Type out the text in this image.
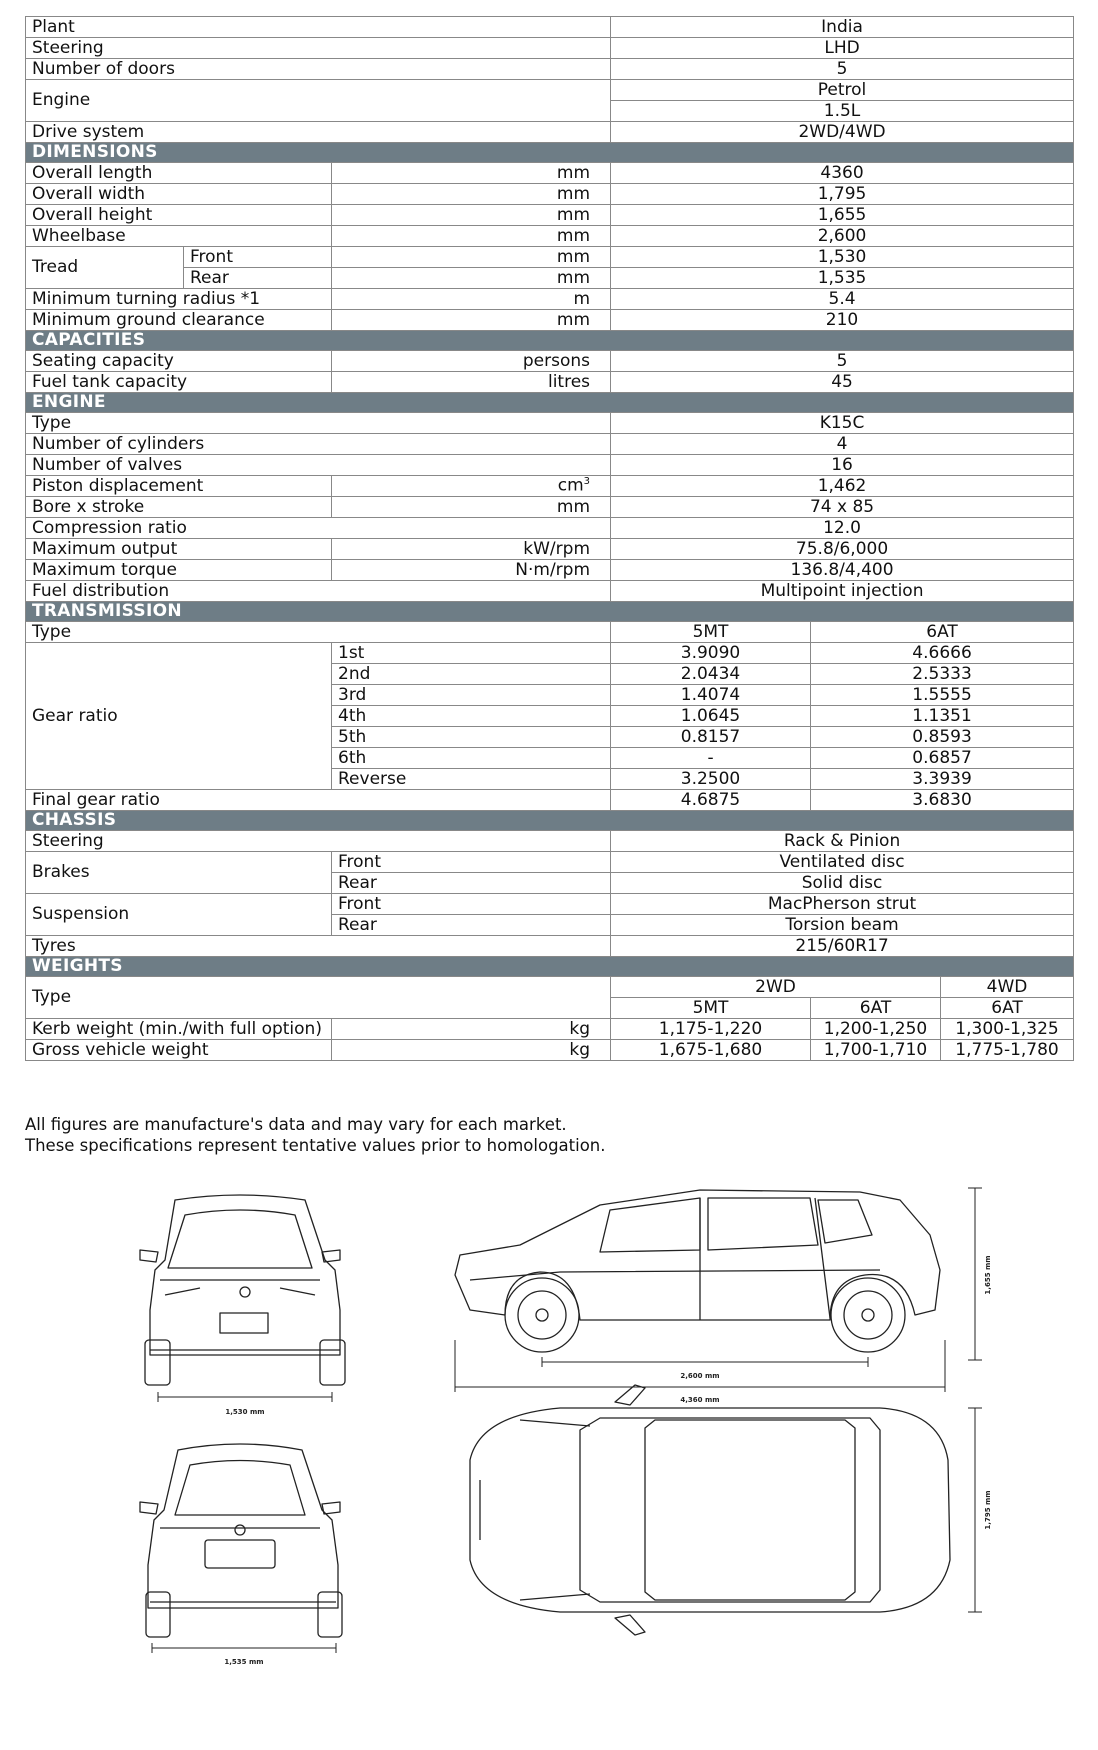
Plant			India		
Steering			LHD		
Number of doors			5		
Engine			Petrol		
			1.5L		
Drive system			2WD/4WD		
DIMENSIONS					
Overall length		mm	4360		
Overall width		mm	1,795		
Overall height		mm	1,655		
Wheelbase		mm	2,600		
Tread	Front	mm	1,530		
	Rear	mm	1,535		
Minimum turning radius *1		m	5.4		
Minimum ground clearance		mm	210		
CAPACITIES					
Seating capacity		persons	5		
Fuel tank capacity		litres	45		
ENGINE					
Type			K15C		
Number of cylinders			4		
Number of valves			16		
Piston displacement		$cm^3$	1,462		
Bore x stroke		mm	74 x 85		
Compression ratio			12.0		
Maximum output		kW/rpm	75.8/6,000		
Maximum torque		N·m/rpm	136.8/4,400		
Fuel distribution			Multipoint injection		
TRANSMISSION					
Type			5MT	6AT	
Gear ratio		1st	3.9090	4.6666	
		2nd	2.0434	2.5333	
		3rd	1.4074	1.5555	
		4th	1.0645	1.1351	
		5th	0.8157	0.8593	
		6th	-	0.6857	
		Reverse	3.2500	3.3939	
Final gear ratio			4.6875	3.6830	
CHASSIS					
Steering			Rack & Pinion		
Brakes		Front	Ventilated disc		
		Rear	Solid disc		
Suspension		Front	MacPherson strut		
		Rear	Torsion beam		
Tyres			215/60R17		
WEIGHTS					
Type			2WD		4WD
			5MT	6AT	6AT
Kerb weight (min./with full option)		kg	1,175-1,220	1,200-1,250	1,300-1,325
Gross vehicle weight		kg	1,675-1,680	1,700-1,710	1,775-1,780
All figures are manufacture's data and may vary for each market.
These specifications represent tentative values prior to homologation.
1,530 mm
1,535 mm
2,600 mm
4,360 mm
1,655 mm
1,795 mm
